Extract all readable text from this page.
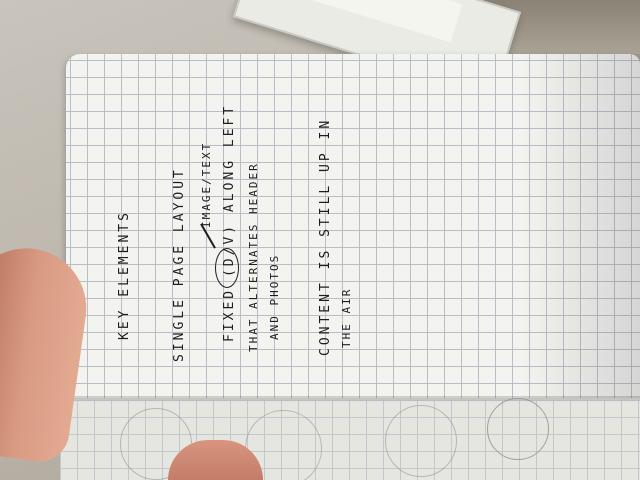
KEY ELEMENTS	SINGLE PAGE LAYOUT	FIXED (D/V) ALONG LEFT
IMAGE/TEXT	THAT ALTERNATES HEADER AND PHOTOS	CONTENT IS STILL UP IN THE AIR
